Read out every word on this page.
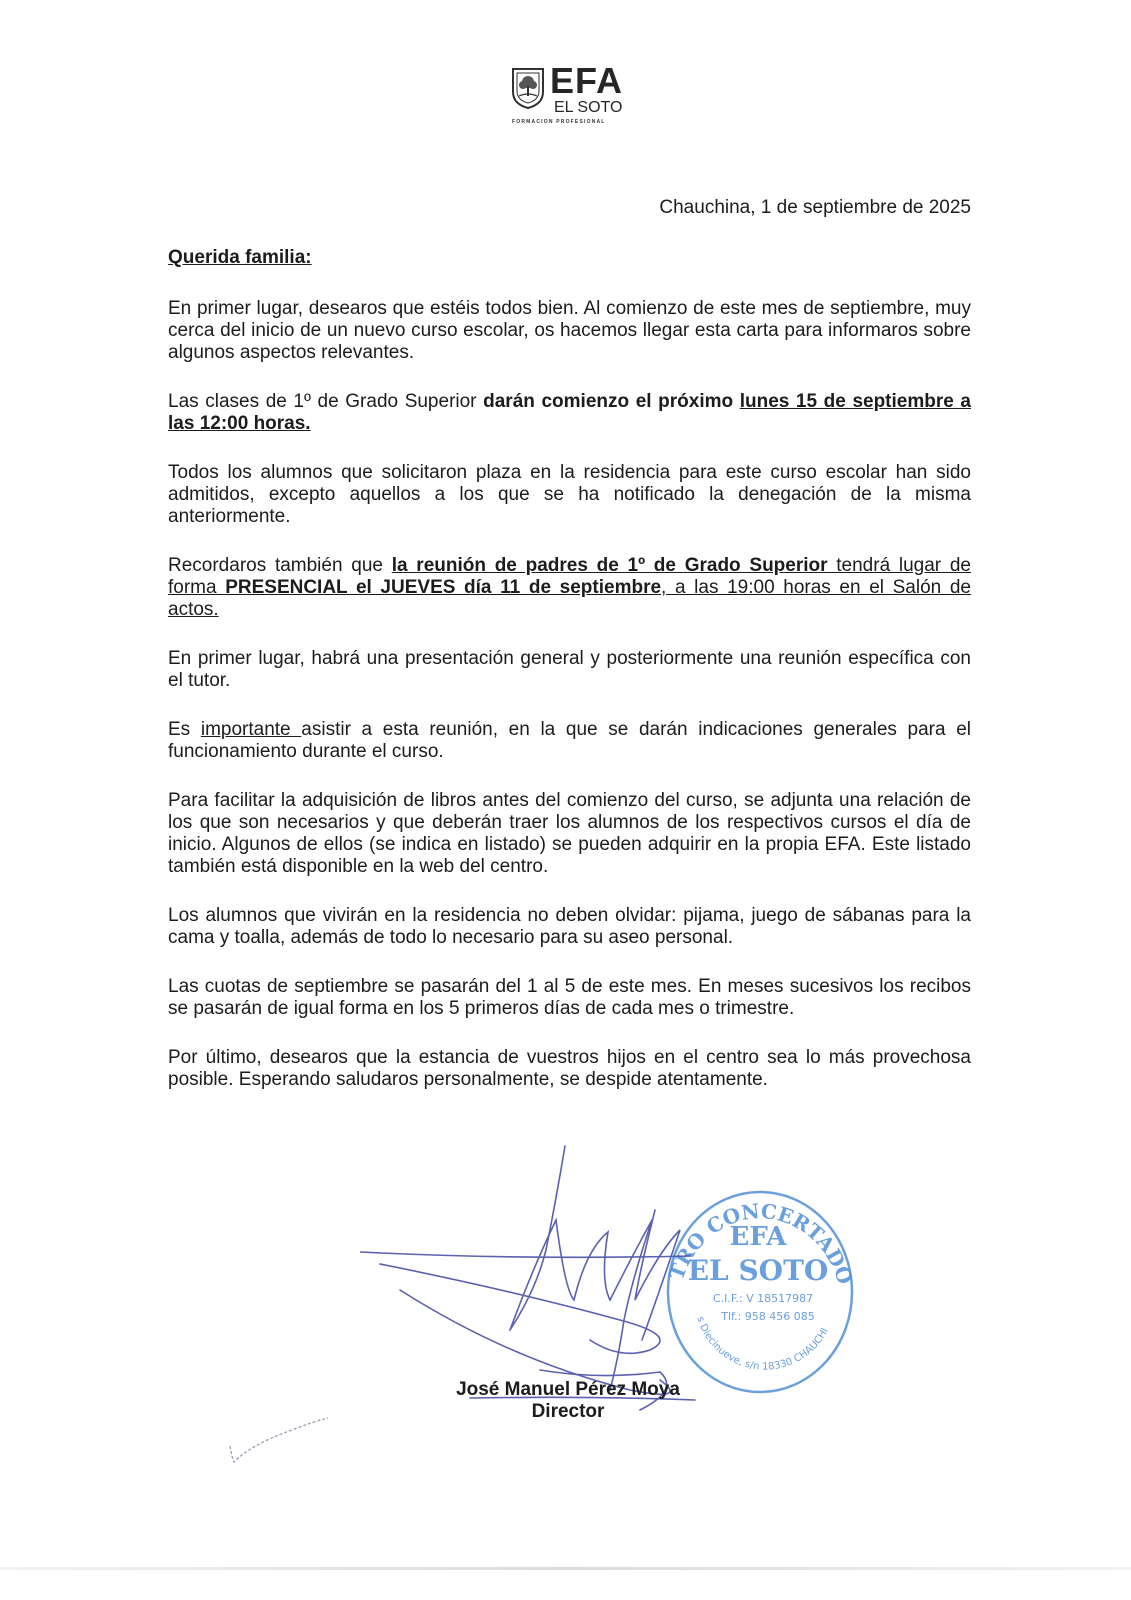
EFA
EL SOTO
FORMACION PROFESIONAL
Chauchina, 1 de septiembre de 2025
Querida familia:

En primer lugar, desearos que estéis todos bien. Al comienzo de este mes de septiembre, muy cerca del inicio de un nuevo curso escolar, os hacemos llegar esta carta para informaros sobre algunos aspectos relevantes.

Las clases de 1º de Grado Superior darán comienzo el próximo lunes 15 de septiembre a las 12:00 horas.

Todos los alumnos que solicitaron plaza en la residencia para este curso escolar han sido admitidos, excepto aquellos a los que se ha notificado la denegación de la misma anteriormente.

Recordaros también que la reunión de padres de 1º de Grado Superior tendrá lugar de forma PRESENCIAL el JUEVES día 11 de septiembre, a las 19:00 horas en el Salón de actos.

En primer lugar, habrá una presentación general y posteriormente una reunión específica con el tutor.

Es importante asistir a esta reunión, en la que se darán indicaciones generales para el funcionamiento durante el curso.

Para facilitar la adquisición de libros antes del comienzo del curso, se adjunta una relación de los que son necesarios y que deberán traer los alumnos de los respectivos cursos el día de inicio. Algunos de ellos (se indica en listado) se pueden adquirir en la propia EFA. Este listado también está disponible en la web del centro.

Los alumnos que vivirán en la residencia no deben olvidar: pijama, juego de sábanas para la cama y toalla, además de todo lo necesario para su aseo personal.

Las cuotas de septiembre se pasarán del 1 al 5 de este mes. En meses sucesivos los recibos se pasarán de igual forma en los 5 primeros días de cada mes o trimestre.

Por último, desearos que la estancia de vuestros hijos en el centro sea lo más provechosa posible. Esperando saludaros personalmente, se despide atentamente.

TRO CONCERTADO
EFA
EL SOTO
C.I.F.: V 18517987
Tlf.: 958 456 085
s Diecinueve, s/n 18330 CHAUCHI
José Manuel Pérez Moya
Director
